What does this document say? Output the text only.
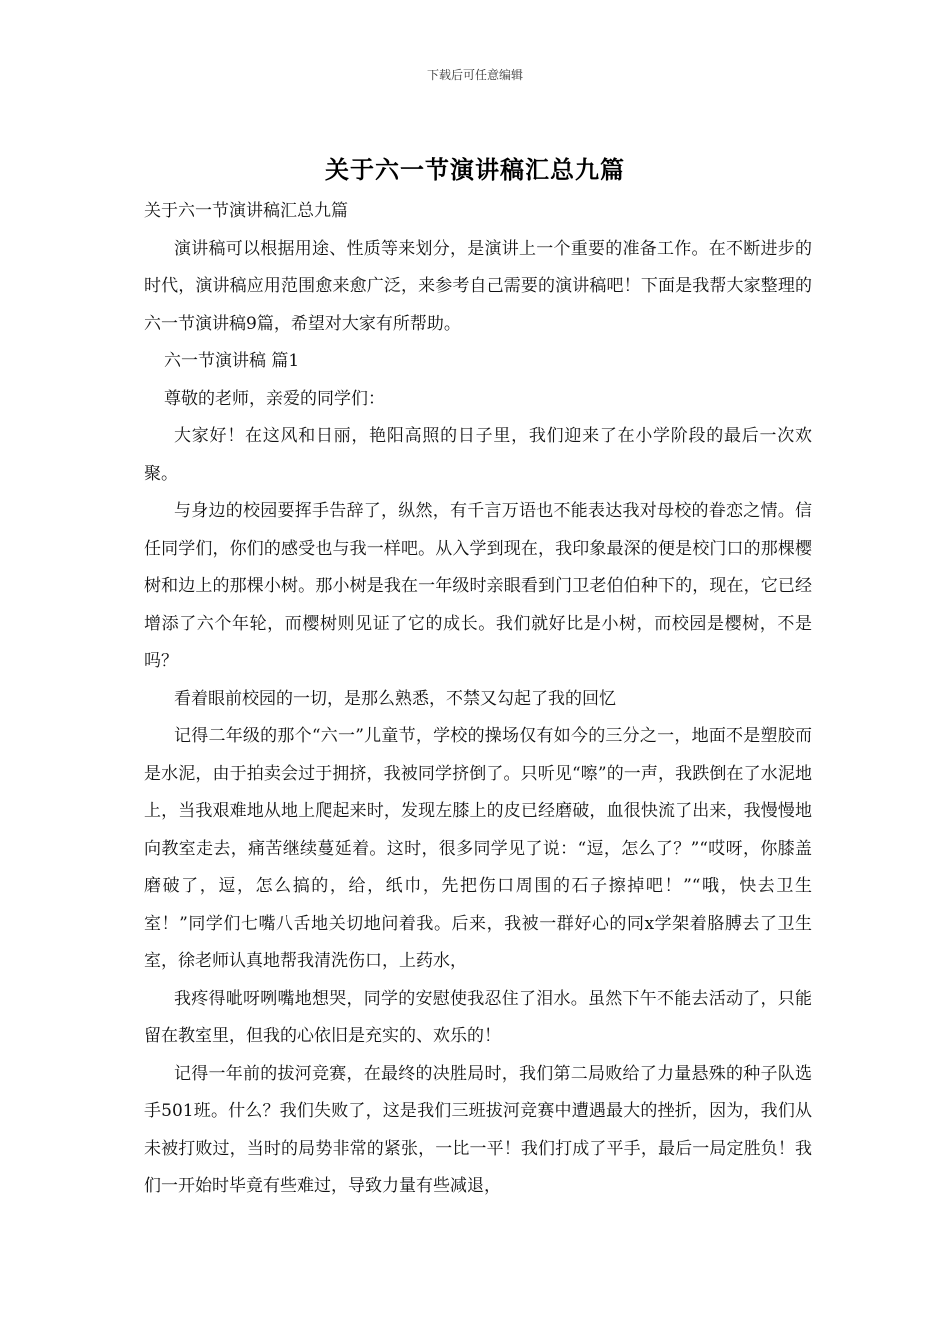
下载后可任意编辑
关于六一节演讲稿汇总九篇

关于六一节演讲稿汇总九篇

演讲稿可以根据用途、性质等来划分，是演讲上一个重要的准备工作。在不断进步的时代，演讲稿应用范围愈来愈广泛，来参考自己需要的演讲稿吧！下面是我帮大家整理的六一节演讲稿9篇，希望对大家有所帮助。

六一节演讲稿 篇1

尊敬的老师，亲爱的同学们：

大家好！在这风和日丽，艳阳高照的日子里，我们迎来了在小学阶段的最后一次欢聚。

与身边的校园要挥手告辞了，纵然，有千言万语也不能表达我对母校的眷恋之情。信任同学们，你们的感受也与我一样吧。从入学到现在，我印象最深的便是校门口的那棵樱树和边上的那棵小树。那小树是我在一年级时亲眼看到门卫老伯伯种下的，现在，它已经增添了六个年轮，而樱树则见证了它的成长。我们就好比是小树，而校园是樱树，不是吗？

看着眼前校园的一切，是那么熟悉，不禁又勾起了我的回忆

记得二年级的那个“六一”儿童节，学校的操场仅有如今的三分之一，地面不是塑胶而是水泥，由于拍卖会过于拥挤，我被同学挤倒了。只听见“嚓”的一声，我跌倒在了水泥地上，当我艰难地从地上爬起来时，发现左膝上的皮已经磨破，血很快流了出来，我慢慢地向教室走去，痛苦继续蔓延着。这时，很多同学见了说：“逗，怎么了？”“哎呀，你膝盖磨破了，逗，怎么搞的，给，纸巾，先把伤口周围的石子擦掉吧！”“哦，快去卫生室！”同学们七嘴八舌地关切地问着我。后来，我被一群好心的同x学架着胳膊去了卫生室，徐老师认真地帮我清洗伤口，上药水，

我疼得呲呀咧嘴地想哭，同学的安慰使我忍住了泪水。虽然下午不能去活动了，只能留在教室里，但我的心依旧是充实的、欢乐的！

记得一年前的拔河竞赛，在最终的决胜局时，我们第二局败给了力量悬殊的种子队选手501班。什么？我们失败了，这是我们三班拔河竞赛中遭遇最大的挫折，因为，我们从未被打败过，当时的局势非常的紧张，一比一平！我们打成了平手，最后一局定胜负！我们一开始时毕竟有些难过，导致力量有些减退，
